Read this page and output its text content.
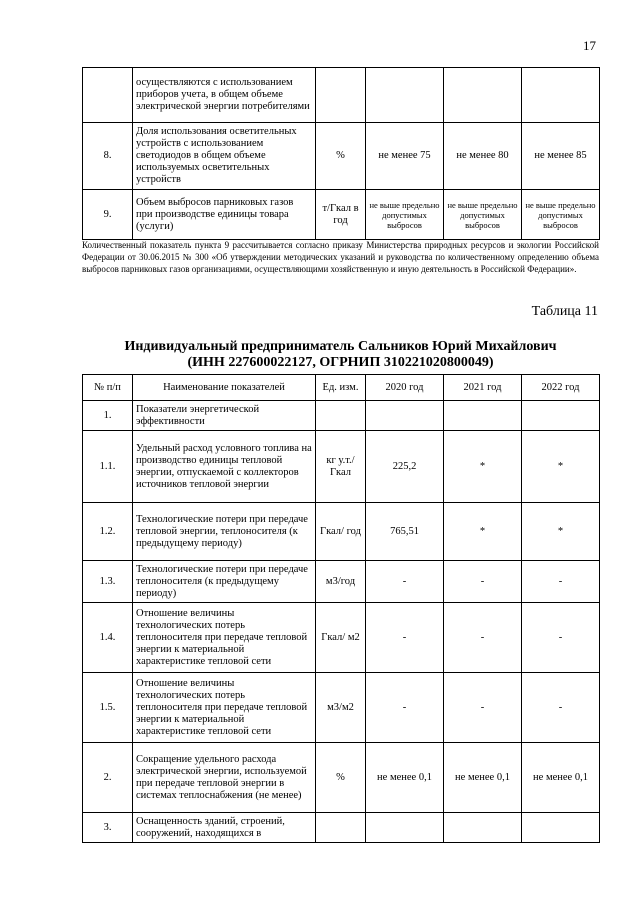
17
	осуществляются с использованием приборов учета, в общем объеме электрической энергии потребителями				
8.	Доля использования осветительных устройств с использованием светодиодов в общем объеме используемых осветительных устройств	%	не менее 75	не менее 80	не менее 85
9.	Объем выбросов парниковых газов при производстве единицы товара (услуги)	т/Гкал в год	не выше предельно допустимых выбросов	не выше предельно допустимых выбросов	не выше предельно допустимых выбросов
Количественный показатель пункта 9 рассчитывается согласно приказу Министерства природных ресурсов и экологии Российской Федерации от 30.06.2015 № 300 «Об утверждении методических указаний и руководства по количественному определению объема выбросов парниковых газов организациями, осуществляющими хозяйственную и иную деятельность в Российской Федерации».
Таблица 11
Индивидуальный предприниматель Сальников Юрий Михайлович
(ИНН 227600022127, ОГРНИП 310221020800049)
№ п/п	Наименование показателей	Ед. изм.	2020 год	2021 год	2022 год
1.	Показатели энергетической эффективности				
1.1.	Удельный расход условного топлива на производство единицы тепловой энергии, отпускаемой с коллекторов источников тепловой энергии	кг у.т./ Гкал	225,2	*	*
1.2.	Технологические потери при передаче тепловой энергии, теплоносителя (к предыдущему периоду)	Гкал/ год	765,51	*	*
1.3.	Технологические потери при передаче теплоносителя (к предыдущему периоду)	м3/год	-	-	-
1.4.	Отношение величины технологических потерь теплоносителя при передаче тепловой энергии к материальной характеристике тепловой сети	Гкал/ м2	-	-	-
1.5.	Отношение величины технологических потерь теплоносителя при передаче тепловой энергии к материальной характеристике тепловой сети	м3/м2	-	-	-
2.	Сокращение удельного расхода электрической энергии, используемой при передаче тепловой энергии в системах теплоснабжения (не менее)	%	не менее 0,1	не менее 0,1	не менее 0,1
3.	Оснащенность зданий, строений, сооружений, находящихся в				
